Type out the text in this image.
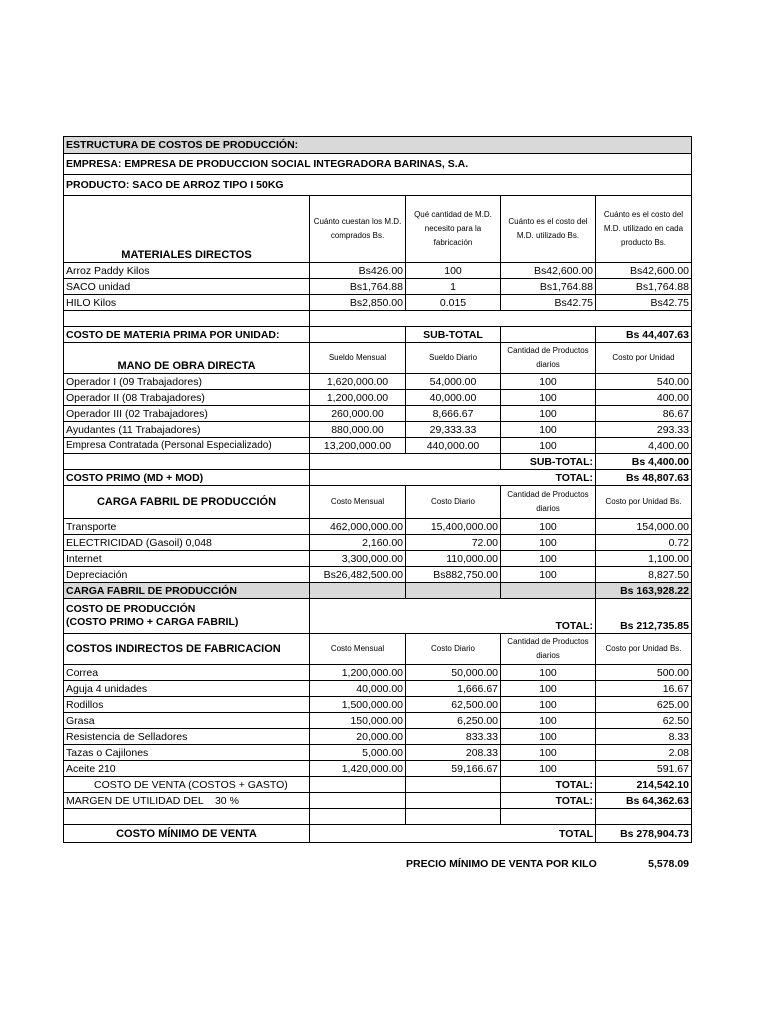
ESTRUCTURA DE COSTOS DE PRODUCCIÓN:				
EMPRESA: EMPRESA DE PRODUCCION SOCIAL INTEGRADORA BARINAS, S.A.				
PRODUCTO: SACO DE ARROZ TIPO I 50KG				
MATERIALES DIRECTOS	Cuánto cuestan los M.D. comprados Bs.	Qué cantidad de M.D. necesito para la fabricación	Cuánto es el costo del M.D. utilizado Bs.	Cuánto es el costo del M.D. utilizado en cada producto Bs.
Arroz Paddy Kilos	Bs426.00	100	Bs42,600.00	Bs42,600.00
SACO unidad	Bs1,764.88	1	Bs1,764.88	Bs1,764.88
HILO Kilos	Bs2,850.00	0.015	Bs42.75	Bs42.75

COSTO DE MATERIA PRIMA POR UNIDAD:		SUB-TOTAL		Bs 44,407.63
MANO DE OBRA DIRECTA	Sueldo Mensual	Sueldo Diario	Cantidad de Productos diarios	Costo por Unidad
Operador I (09 Trabajadores)	1,620,000.00	54,000.00	100	540.00
Operador II (08 Trabajadores)	1,200,000.00	40,000.00	100	400.00
Operador III (02 Trabajadores)	260,000.00	8,666.67	100	86.67
Ayudantes (11 Trabajadores)	880,000.00	29,333.33	100	293.33
Empresa Contratada (Personal Especializado)	13,200,000.00	440,000.00	100	4,400.00
			SUB-TOTAL:	Bs 4,400.00
COSTO PRIMO (MD + MOD)	TOTAL:			Bs 48,807.63
CARGA FABRIL DE PRODUCCIÓN	Costo Mensual	Costo Diario	Cantidad de Productos diarios	Costo por Unidad Bs.
Transporte	462,000,000.00	15,400,000.00	100	154,000.00
ELECTRICIDAD (Gasoil) 0,048	2,160.00	72.00	100	0.72
Internet	3,300,000.00	110,000.00	100	1,100.00
Depreciación	Bs26,482,500.00	Bs882,750.00	100	8,827.50
CARGA FABRIL DE PRODUCCIÓN				Bs 163,928.22

COSTO DE PRODUCCIÓN
(COSTO PRIMO + CARGA FABRIL)	TOTAL:			Bs 212,735.85
COSTOS INDIRECTOS DE FABRICACION	Costo Mensual	Costo Diario	Cantidad de Productos diarios	Costo por Unidad Bs.
Correa	1,200,000.00	50,000.00	100	500.00
Aguja 4 unidades	40,000.00	1,666.67	100	16.67
Rodillos	1,500,000.00	62,500.00	100	625.00
Grasa	150,000.00	6,250.00	100	62.50
Resistencia de Selladores	20,000.00	833.33	100	8.33
Tazas o Cajilones	5,000.00	208.33	100	2.08
Aceite 210	1,420,000.00	59,166.67	100	591.67
COSTO DE VENTA (COSTOS + GASTO)			TOTAL:	214,542.10
MARGEN DE UTILIDAD DEL    30 %			TOTAL:	Bs 64,362.63

COSTO MÍNIMO DE VENTA	TOTAL			Bs 278,904.73
PRECIO MÍNIMO DE VENTA POR KILO	5,578.09
